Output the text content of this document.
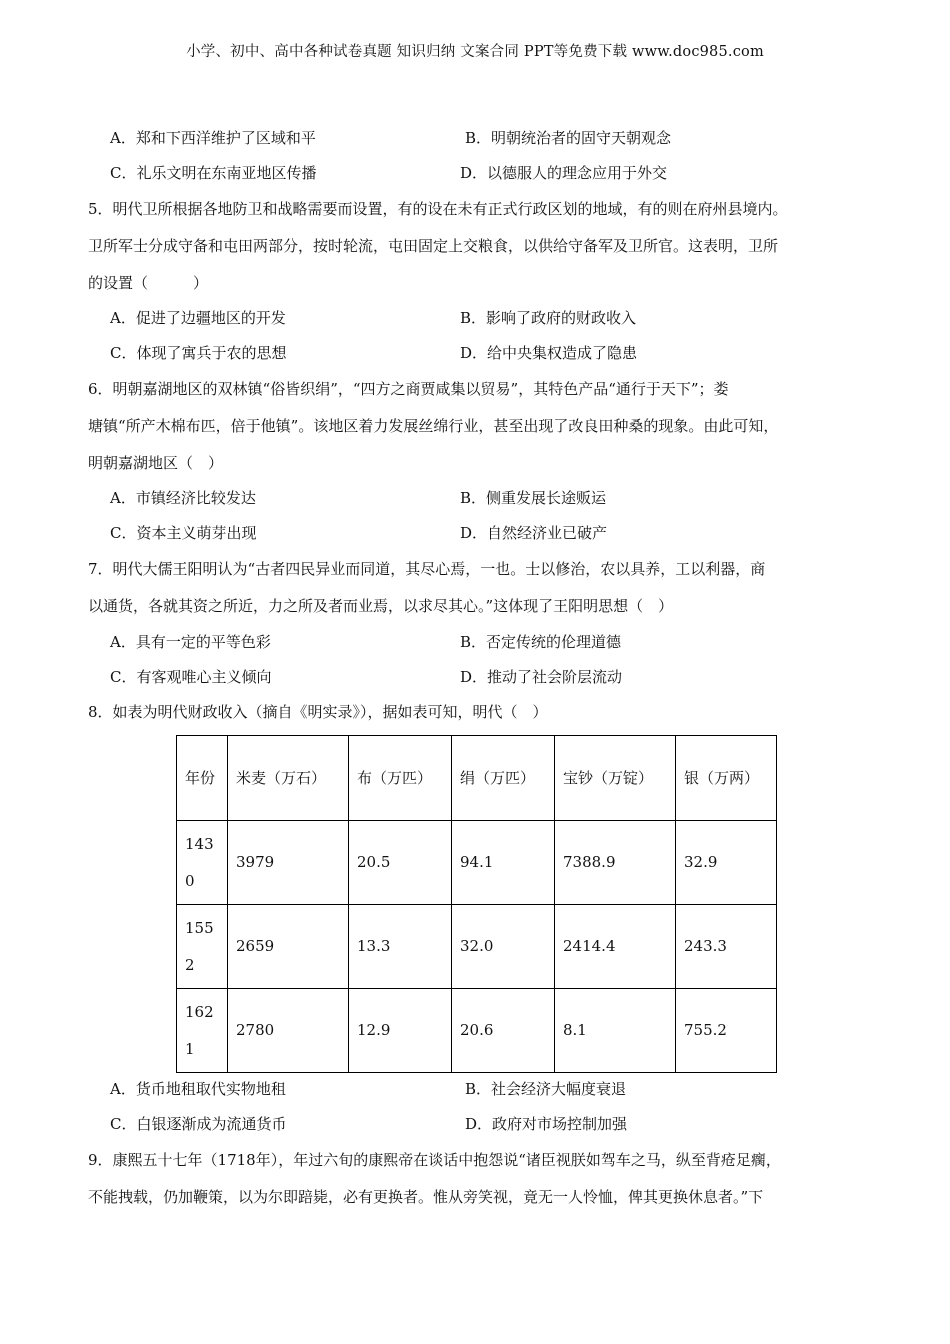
小学、初中、高中各种试卷真题 知识归纳 文案合同 PPT等免费下载 www.doc985.com
A．郑和下西洋维护了区域和平	B．明朝统治者的固守天朝观念
C．礼乐文明在东南亚地区传播	D．以德服人的理念应用于外交
5．明代卫所根据各地防卫和战略需要而设置，有的设在未有正式行政区划的地域，有的则在府州县境内。
卫所军士分成守备和屯田两部分，按时轮流，屯田固定上交粮食，以供给守备军及卫所官。这表明，卫所
的设置（　　　）
A．促进了边疆地区的开发	B．影响了政府的财政收入
C．体现了寓兵于农的思想	D．给中央集权造成了隐患
6．明朝嘉湖地区的双林镇“俗皆织绢”，“四方之商贾咸集以贸易”，其特色产品“通行于天下”；娄
塘镇“所产木棉布匹，倍于他镇”。该地区着力发展丝绵行业，甚至出现了改良田种桑的现象。由此可知，
明朝嘉湖地区（　）
A．市镇经济比较发达	B．侧重发展长途贩运
C．资本主义萌芽出现	D．自然经济业已破产
7．明代大儒王阳明认为“古者四民异业而同道，其尽心焉，一也。士以修治，农以具养，工以利器，商
以通货，各就其资之所近，力之所及者而业焉，以求尽其心。”这体现了王阳明思想（　）
A．具有一定的平等色彩	B．否定传统的伦理道德
C．有客观唯心主义倾向	D．推动了社会阶层流动
8．如表为明代财政收入（摘自《明实录》），据如表可知，明代（　）
年份	米麦（万石）	布（万匹）	绢（万匹）	宝钞（万锭）	银（万两）
1430	3979	20.5	94.1	7388.9	32.9
1552	2659	13.3	32.0	2414.4	243.3
1621	2780	12.9	20.6	8.1	755.2
A．货币地租取代实物地租	B．社会经济大幅度衰退
C．白银逐渐成为流通货币	D．政府对市场控制加强
9．康熙五十七年（1718年），年过六旬的康熙帝在谈话中抱怨说“诸臣视朕如驾车之马，纵至背疮足瘸，
不能拽载，仍加鞭策，以为尔即踣毙，必有更换者。惟从旁笑视，竟无一人怜恤，俾其更换休息者。”下
